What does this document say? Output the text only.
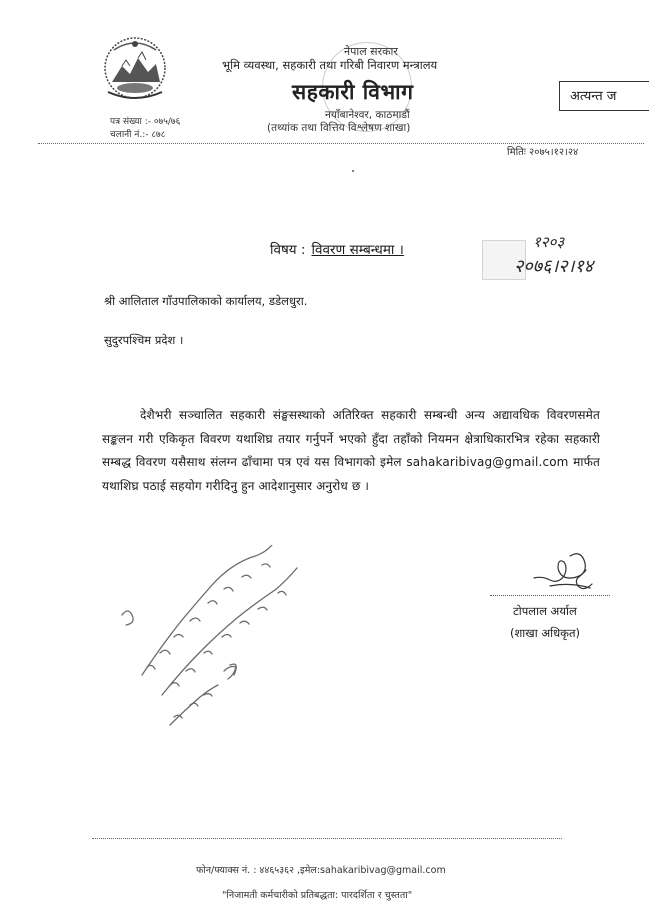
नेपाल सरकार
भूमि व्यवस्था, सहकारी तथा गरिबी निवारण मन्त्रालय
सहकारी विभाग
नयाँबानेश्वर, काठमाडौं
(तथ्यांक तथा वित्तिय विश्लेषण शाखा)
अत्यन्त ज
पत्र संख्या :- ०७५/७६
चलानी नं.:- ८७८
मितिः २०७५।१२।२४
१२०३
२०७६।२।१४
विषय : विवरण सम्बन्धमा ।
श्री आलिताल गाँउपालिकाको कार्यालय, डडेलधुरा.
सुदुरपश्चिम प्रदेश ।
देशैभरी सञ्चालित सहकारी संङ्घसस्थाको अतिरिक्त सहकारी सम्बन्धी अन्य अद्यावधिक विवरणसमेत सङ्कलन गरी एकिकृत विवरण यथाशिघ्र तयार गर्नुपर्ने भएको हुँदा तहाँको नियमन क्षेत्राधिकारभित्र रहेका सहकारी सम्बद्ध विवरण यसैसाथ संलग्न ढाँचामा पत्र एवं यस विभागको इमेल sahakaribivag@gmail.com मार्फत यथाशिघ्र पठाई सहयोग गरीदिनु हुन आदेशानुसार अनुरोध छ ।
टोपलाल अर्याल
(शाखा अधिकृत)
फोन/फ्याक्स नं. : ४४६५३६२ ,इमेल:sahakaribivag@gmail.com
"निजामती कर्मचारीको प्रतिबद्धता: पारदर्शिता र चुस्तता"
